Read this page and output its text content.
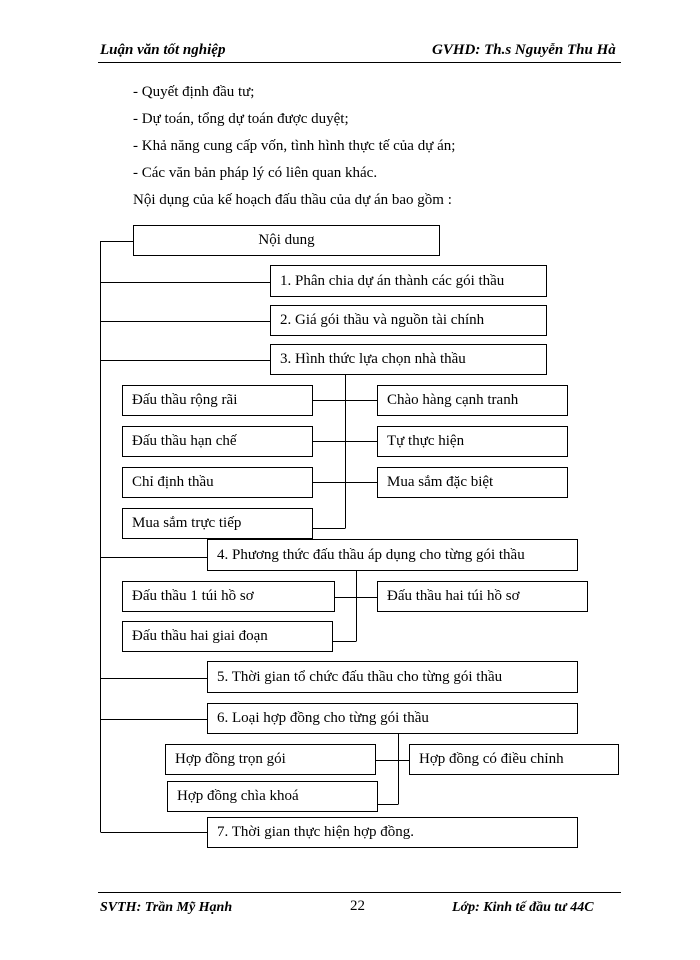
Luận văn tốt nghiệp	GVHD: Th.s Nguyễn Thu Hà
- Quyết định đầu tư;
- Dự toán, tổng dự toán được duyệt;
- Khả năng cung cấp vốn, tình hình thực tế của dự án;
- Các văn bản pháp lý có liên quan khác.
Nội dụng của kế hoạch đấu thầu của dự án bao gồm :
Nội dung
1. Phân chia dự án thành các gói thầu
2. Giá gói thầu và nguồn tài chính
3. Hình thức lựa chọn nhà thầu
Đấu thầu rộng rãi
Đấu thầu hạn chế
Chỉ định thầu
Mua sắm trực tiếp
Chào hàng cạnh tranh
Tự thực hiện
Mua sắm đặc biệt
4. Phương thức đấu thầu áp dụng cho từng gói thầu
Đấu thầu 1 túi hồ sơ
Đấu thầu hai giai đoạn
Đấu thầu hai túi hồ sơ
5. Thời gian tổ chức đấu thầu cho từng gói thầu
6. Loại hợp đồng cho từng gói thầu
Hợp đồng trọn gói
Hợp đồng chìa khoá
Hợp đồng có điều chỉnh
7. Thời gian thực hiện hợp đồng.
SVTH: Trần Mỹ Hạnh	22	Lớp: Kinh tế đầu tư 44C
